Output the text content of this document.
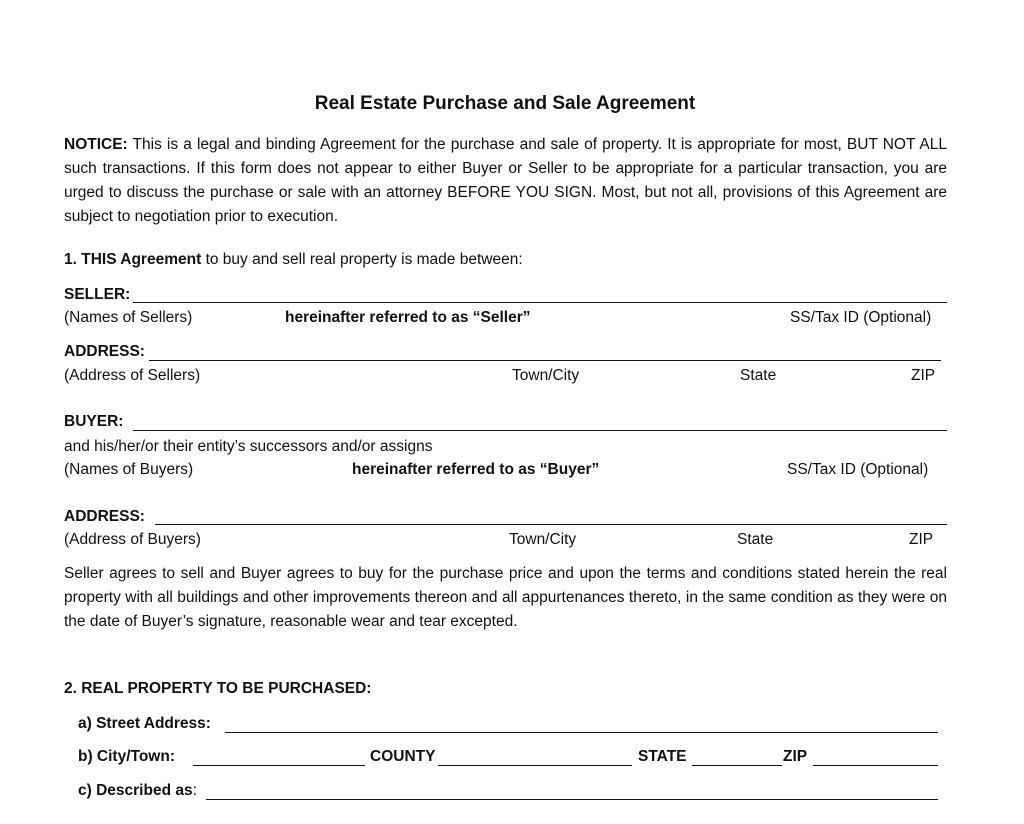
Real Estate Purchase and Sale Agreement
NOTICE: This is a legal and binding Agreement for the purchase and sale of property. It is appropriate for most, BUT NOT ALL such transactions. If this form does not appear to either Buyer or Seller to be appropriate for a particular transaction, you are urged to discuss the purchase or sale with an attorney BEFORE YOU SIGN. Most, but not all, provisions of this Agreement are subject to negotiation prior to execution.
1. THIS Agreement to buy and sell real property is made between:
SELLER:
(Names of Sellers)	hereinafter referred to as “Seller”	SS/Tax ID (Optional)
ADDRESS:
(Address of Sellers)	Town/City	State	ZIP
BUYER:
and his/her/or their entity’s successors and/or assigns
(Names of Buyers)	hereinafter referred to as “Buyer”	SS/Tax ID (Optional)
ADDRESS:
(Address of Buyers)	Town/City	State	ZIP
Seller agrees to sell and Buyer agrees to buy for the purchase price and upon the terms and conditions stated herein the real property with all buildings and other improvements thereon and all appurtenances thereto, in the same condition as they were on the date of Buyer’s signature, reasonable wear and tear excepted.
2. REAL PROPERTY TO BE PURCHASED:
a) Street Address:
b) City/Town:	COUNTY	STATE	ZIP
c) Described as:
